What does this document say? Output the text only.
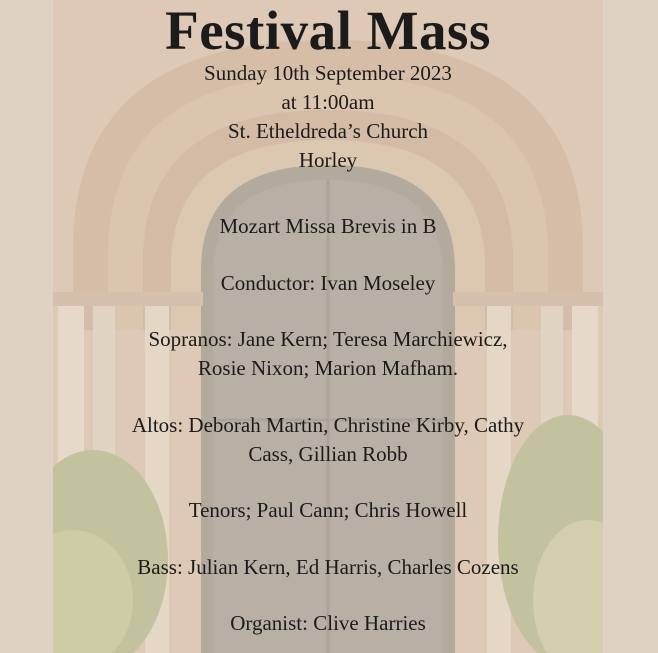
Festival Mass
Sunday 10th September 2023
at 11:00am
St. Etheldreda’s Church
Horley
Mozart Missa Brevis in B
Conductor: Ivan Moseley
Sopranos: Jane Kern; Teresa Marchiewicz,
Rosie Nixon; Marion Mafham.
Altos: Deborah Martin, Christine Kirby, Cathy
Cass, Gillian Robb
Tenors; Paul Cann; Chris Howell
Bass: Julian Kern, Ed Harris, Charles Cozens
Organist: Clive Harries
